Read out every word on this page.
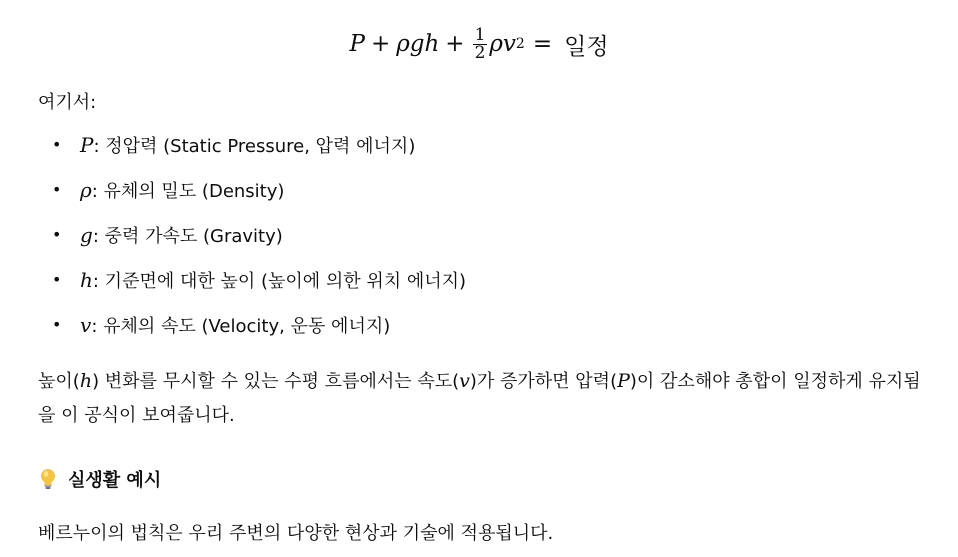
$P + \rho gh + \frac{1}{2}$ ρv 2 = 일정
여기서:
• P : 정압력 (Static Pressure, 압력 에너지)
• ρ : 유체의 밀도 (Density)
• g : 중력 가속도 (Gravity)
• h : 기준면에 대한 높이 (높이에 의한 위치 에너지)
• v : 유체의 속도 (Velocity, 운동 에너지)
높이(h) 변화를 무시할 수 있는 수평 흐름에서는 속도(v)가 증가하면 압력(P)이 감소해야 총합이 일정하게 유지됨을 이 공식이 보여줍니다.
실생활 예시
베르누이의 법칙은 우리 주변의 다양한 현상과 기술에 적용됩니다.
